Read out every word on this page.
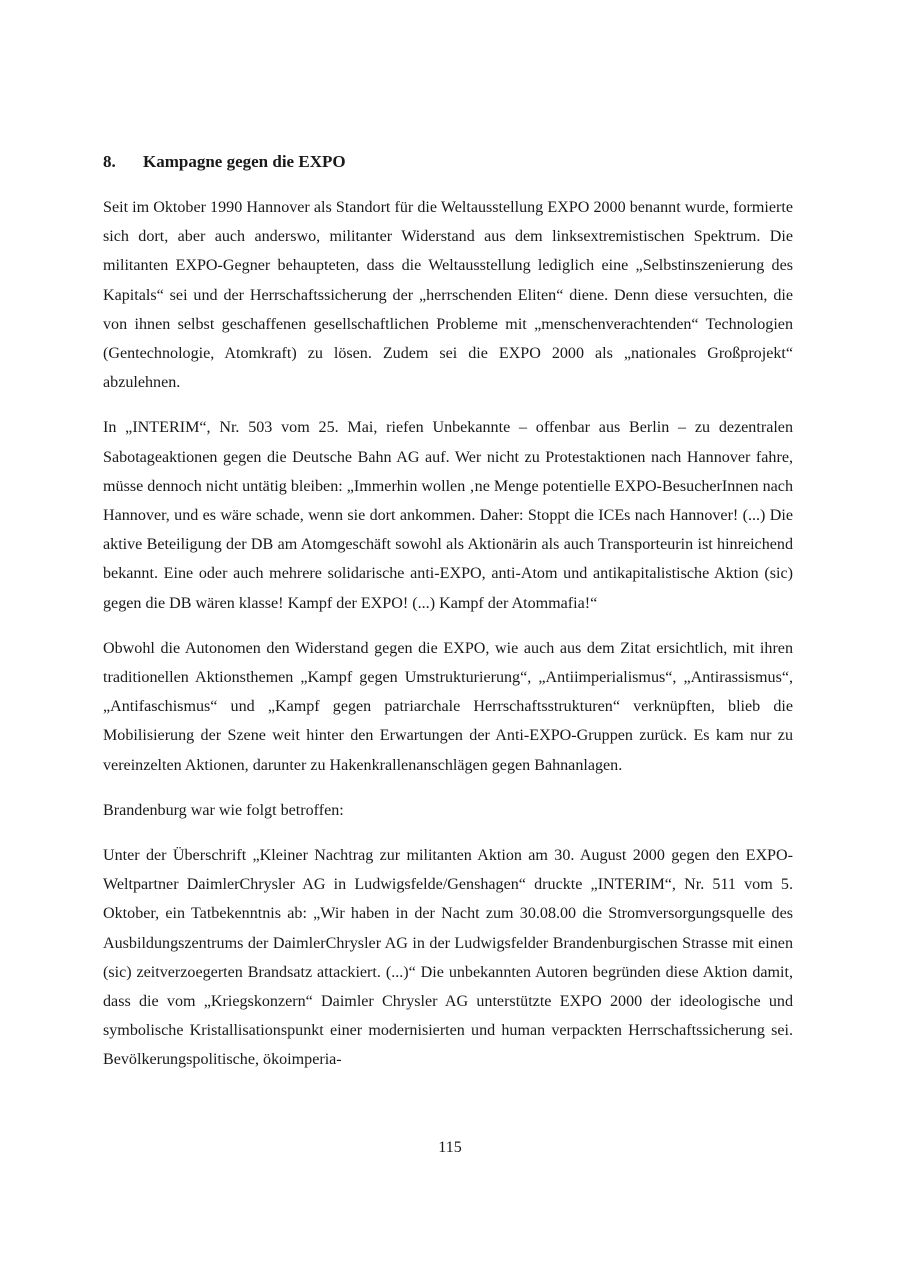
8.	Kampagne gegen die EXPO

Seit im Oktober 1990 Hannover als Standort für die Weltausstellung EXPO 2000 benannt wurde, formierte sich dort, aber auch anderswo, militanter Widerstand aus dem linksextremistischen Spektrum. Die militanten EXPO-Gegner behaupteten, dass die Weltausstellung lediglich eine „Selbstinszenierung des Kapitals“ sei und der Herrschaftssicherung der „herrschenden Eliten“ diene. Denn diese versuchten, die von ihnen selbst geschaffenen gesellschaftlichen Probleme mit „menschenverachtenden“ Technologien (Gentechnologie, Atomkraft) zu lösen. Zudem sei die EXPO 2000 als „nationales Großprojekt“ abzulehnen.

In „INTERIM“, Nr. 503 vom 25. Mai, riefen Unbekannte – offenbar aus Berlin – zu dezentralen Sabotageaktionen gegen die Deutsche Bahn AG auf. Wer nicht zu Protestaktionen nach Hannover fahre, müsse dennoch nicht untätig bleiben: „Immerhin wollen ‚ne Menge potentielle EXPO-BesucherInnen nach Hannover, und es wäre schade, wenn sie dort ankommen. Daher: Stoppt die ICEs nach Hannover! (...) Die aktive Beteiligung der DB am Atomgeschäft sowohl als Aktionärin als auch Transporteurin ist hinreichend bekannt. Eine oder auch mehrere solidarische anti-EXPO, anti-Atom und antikapitalistische Aktion (sic) gegen die DB wären klasse! Kampf der EXPO! (...) Kampf der Atommafia!“

Obwohl die Autonomen den Widerstand gegen die EXPO, wie auch aus dem Zitat ersichtlich, mit ihren traditionellen Aktionsthemen „Kampf gegen Umstrukturierung“, „Antiimperialismus“, „Antirassismus“, „Antifaschismus“ und „Kampf gegen patriarchale Herrschaftsstrukturen“ verknüpften, blieb die Mobilisierung der Szene weit hinter den Erwartungen der Anti-EXPO-Gruppen zurück. Es kam nur zu vereinzelten Aktionen, darunter zu Hakenkrallenanschlägen gegen Bahnanlagen.

Brandenburg war wie folgt betroffen:

Unter der Überschrift „Kleiner Nachtrag zur militanten Aktion am 30. August 2000 gegen den EXPO-Weltpartner DaimlerChrysler AG in Ludwigsfelde/Genshagen“ druckte „INTERIM“, Nr. 511 vom 5. Oktober, ein Tatbekenntnis ab: „Wir haben in der Nacht zum 30.08.00 die Stromversorgungsquelle des Ausbildungszentrums der DaimlerChrysler AG in der Ludwigsfelder Brandenburgischen Strasse mit einen (sic) zeitverzoegerten Brandsatz attackiert. (...)“ Die unbekannten Autoren begründen diese Aktion damit, dass die vom „Kriegskonzern“ Daimler Chrysler AG unterstützte EXPO 2000 der ideologische und symbolische Kristallisationspunkt einer modernisierten und human verpackten Herrschaftssicherung sei. Bevölkerungspolitische, ökoimperia-

115
